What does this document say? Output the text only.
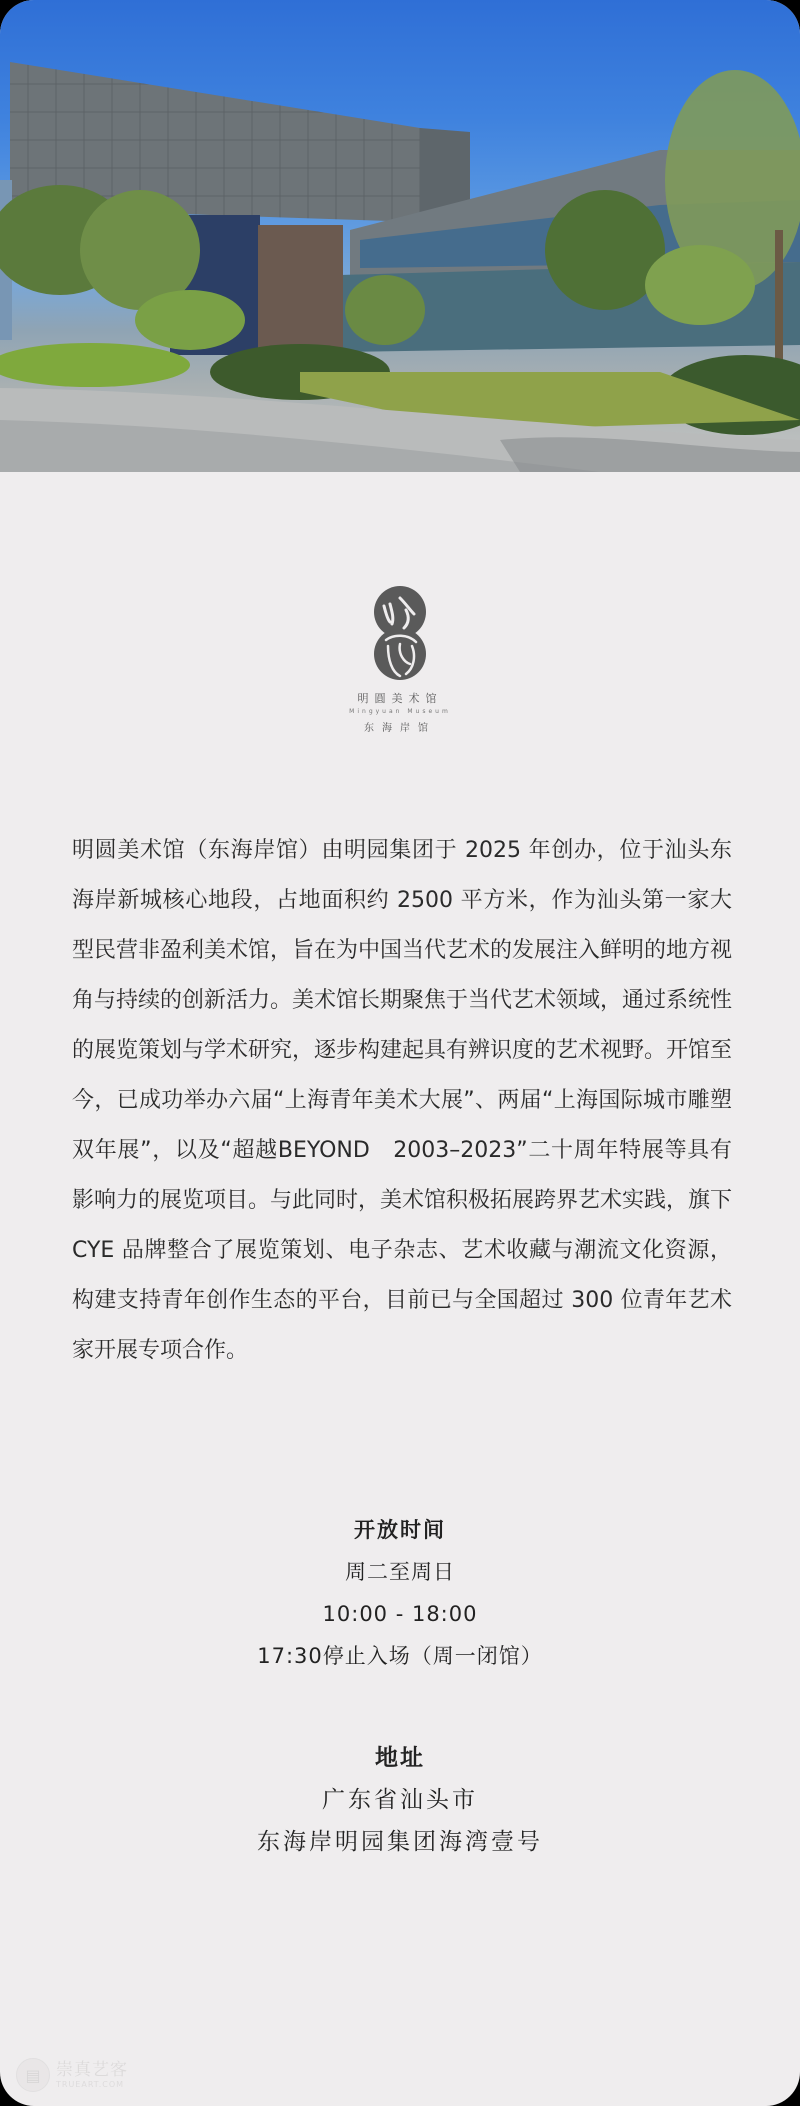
明圓美术馆
Mingyuan Museum
东海岸馆

明圆美术馆（东海岸馆）由明园集团于 2025 年创办，位于汕头东海岸新城核心地段，占地面积约 2500 平方米，作为汕头第一家大型民营非盈利美术馆，旨在为中国当代艺术的发展注入鲜明的地方视角与持续的创新活力。美术馆长期聚焦于当代艺术领域，通过系统性的展览策划与学术研究，逐步构建起具有辨识度的艺术视野。开馆至今，已成功举办六届“上海青年美术大展”、两届“上海国际城市雕塑双年展”，以及“超越BEYOND　2003–2023”二十周年特展等具有影响力的展览项目。与此同时，美术馆积极拓展跨界艺术实践，旗下 CYE 品牌整合了展览策划、电子杂志、艺术收藏与潮流文化资源，构建支持青年创作生态的平台，目前已与全国超过 300 位青年艺术家开展专项合作。

开放时间
周二至周日
10:00 - 18:00
17:30停止入场（周一闭馆）
地址
广东省汕头市
东海岸明园集团海湾壹号
▤ 崇真艺客
TRUEART.COM
